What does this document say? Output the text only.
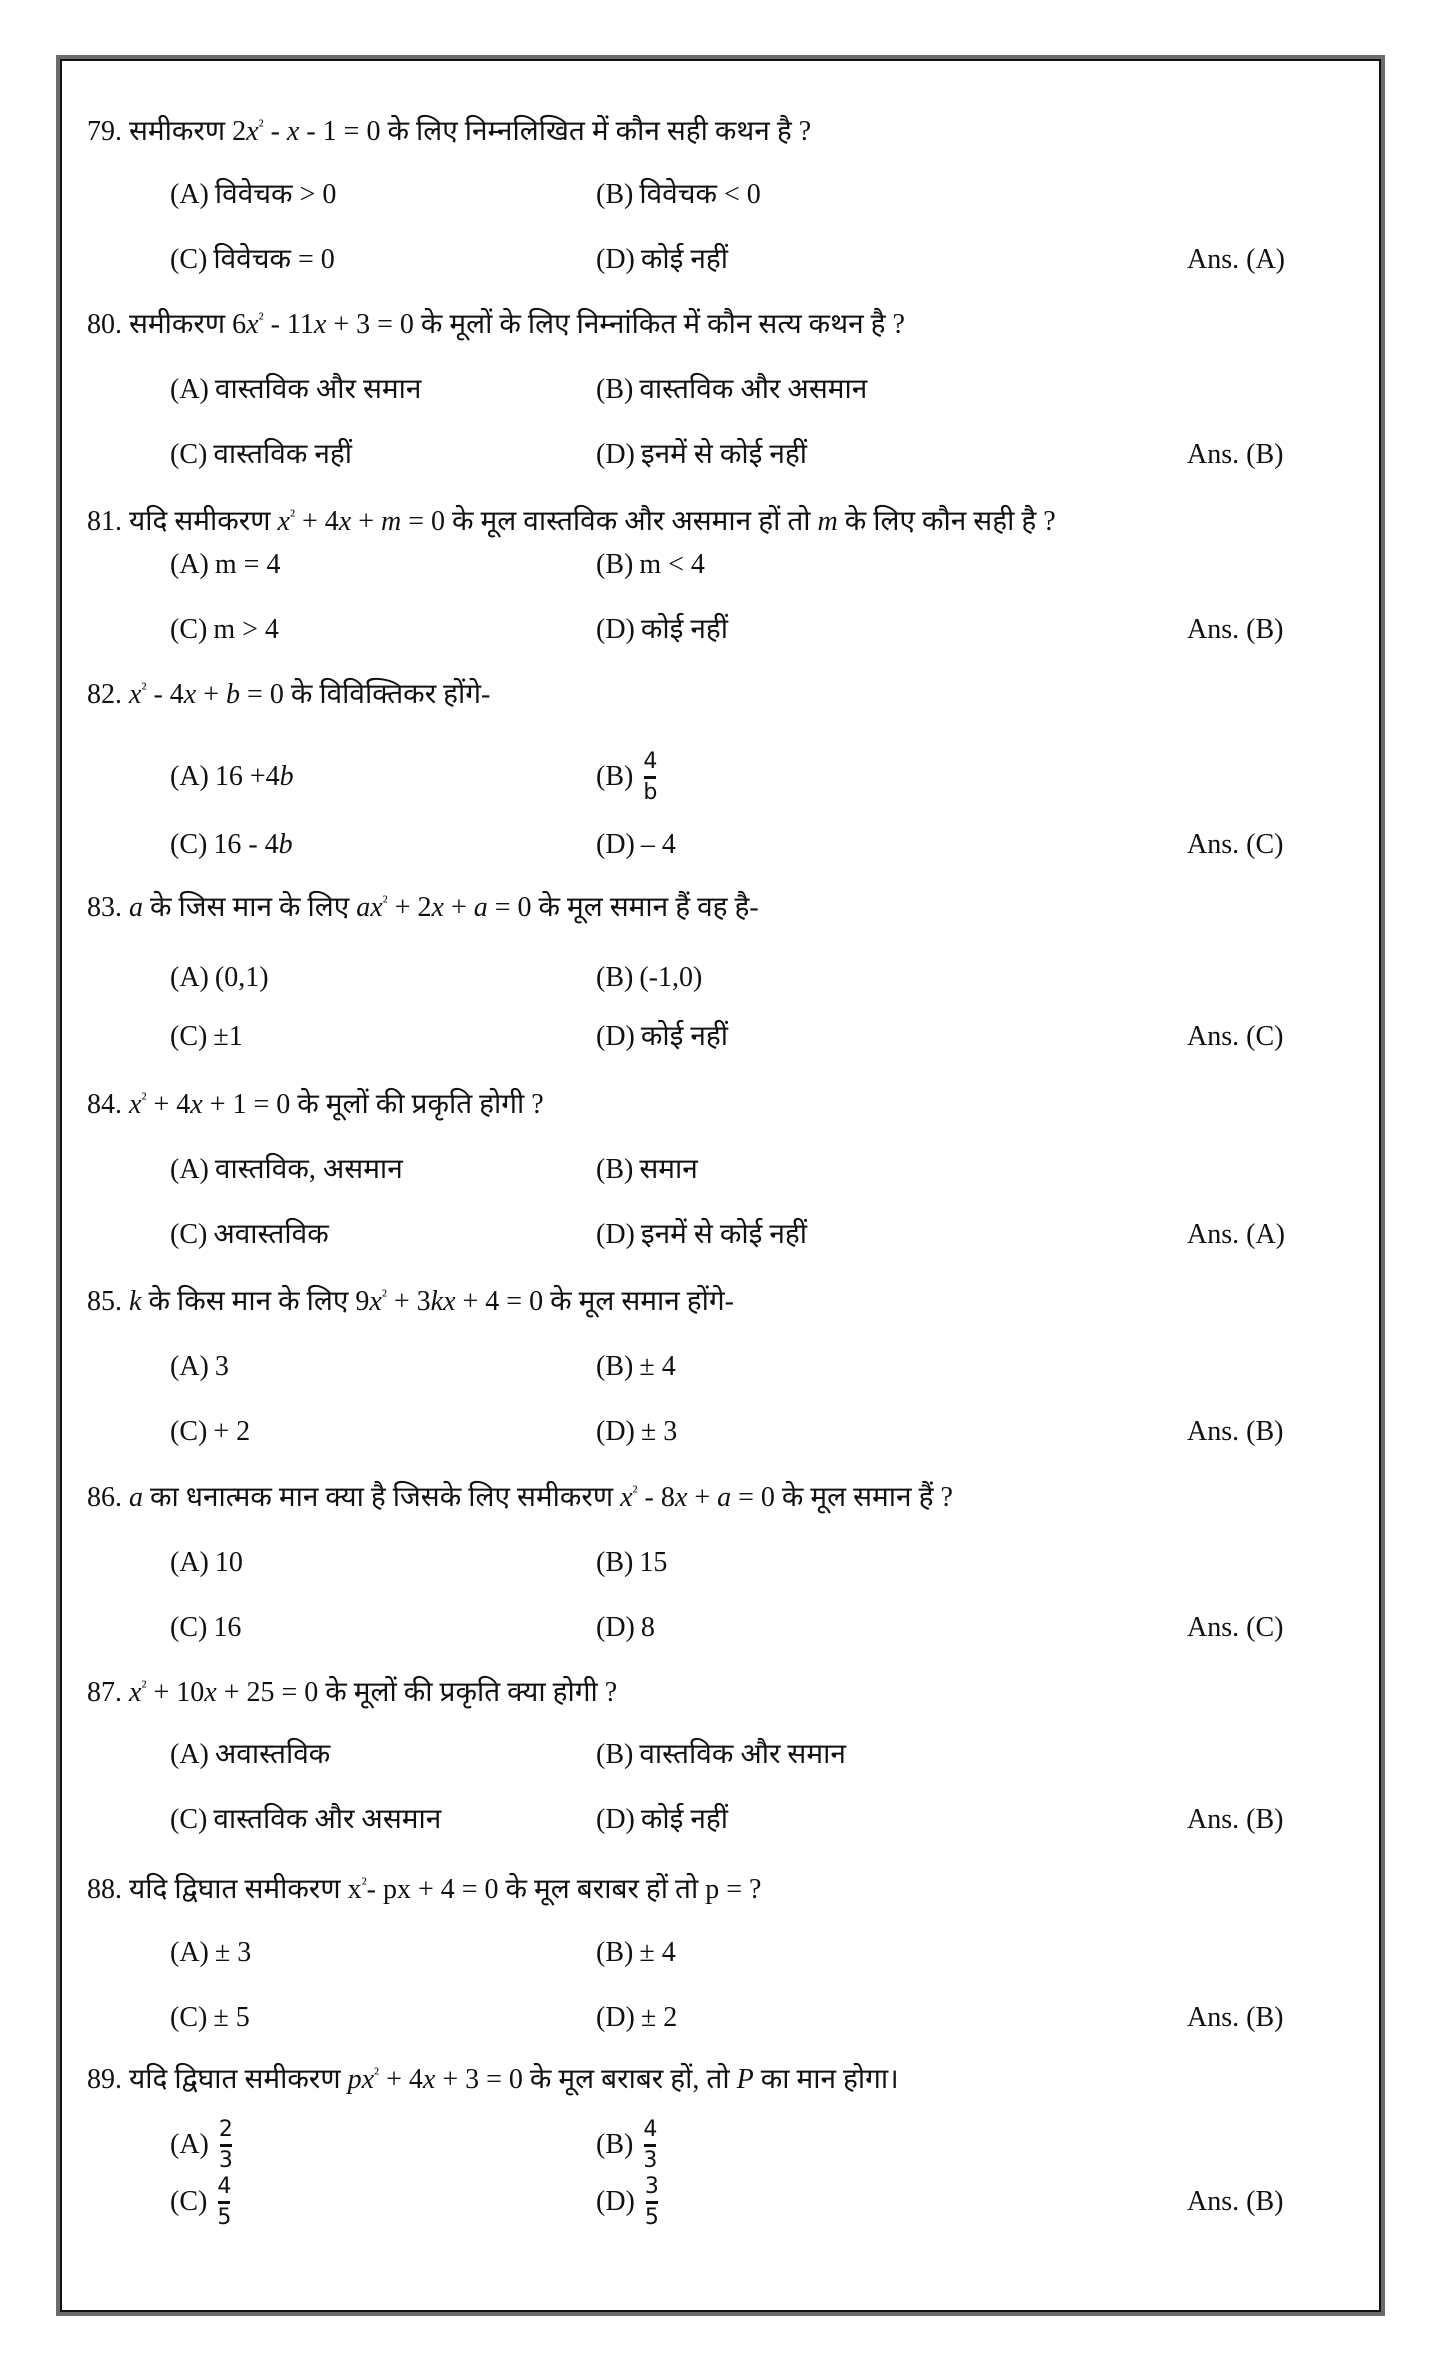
79. समीकरण $2x^{^2} - x - 1 = 0$ के लिए निम्नलिखित में कौन सही कथन है ?
(A) विवेचक > 0	(B) विवेचक < 0
(C) विवेचक = 0	(D) कोई नहीं	Ans. (A)
80. समीकरण $6x^{^2} - 11x + 3 = 0$ के मूलों के लिए निम्नांकित में कौन सत्य कथन है ?
(A) वास्तविक और समान	(B) वास्तविक और असमान
(C) वास्तविक नहीं	(D) इनमें से कोई नहीं	Ans. (B)
81. यदि समीकरण $x^{^2} + 4x + m = 0$ के मूल वास्तविक और असमान हों तो m के लिए कौन सही है ?
(A) m = 4	(B) m < 4
(C) m > 4	(D) कोई नहीं	Ans. (B)
82. $x^{^2} - 4x + b = 0$ के विविक्तिकर होंगे-
(A) 16 +4 b	$(B) \frac{4}{b}$
(C) 16 - 4 b	(D) – 4	Ans. (C)
83. a के जिस मान के लिए $ax^{^2} + 2x + a = 0$ के मूल समान हैं वह है-
(A) (0,1)	(B) (-1,0)
(C) ±1	(D) कोई नहीं	Ans. (C)
84. $x^{^2} + 4x + 1 = 0$ के मूलों की प्रकृति होगी ?
(A) वास्तविक, असमान	(B) समान
(C) अवास्तविक	(D) इनमें से कोई नहीं	Ans. (A)
85. k के किस मान के लिए $9x^{^2} + 3kx + 4 = 0$ के मूल समान होंगे-
(A) 3	(B) ± 4
(C) + 2	(D) ± 3	Ans. (B)
86. a का धनात्मक मान क्या है जिसके लिए समीकरण $x^{^2} - 8x + a = 0$ के मूल समान हैं ?
(A) 10	(B) 15
(C) 16	(D) 8	Ans. (C)
87. $x^{^2} + 10x + 25 = 0$ के मूलों की प्रकृति क्या होगी ?
(A) अवास्तविक	(B) वास्तविक और समान
(C) वास्तविक और असमान	(D) कोई नहीं	Ans. (B)
88. यदि द्विघात समीकरण $x^{^2}-$ px + 4 = 0 के मूल बराबर हों तो p = ?
(A) ± 3	(B) ± 4
(C) ± 5	(D) ± 2	Ans. (B)
89. यदि द्विघात समीकरण $px^{^2} + 4x + 3 = 0$ के मूल बराबर हों, तो P का मान होगा।
$(A) \frac{2}{3}$	$(B) \frac{4}{3}$
$(C) \frac{4}{5}$	$(D) \frac{3}{5}$	Ans. (B)
